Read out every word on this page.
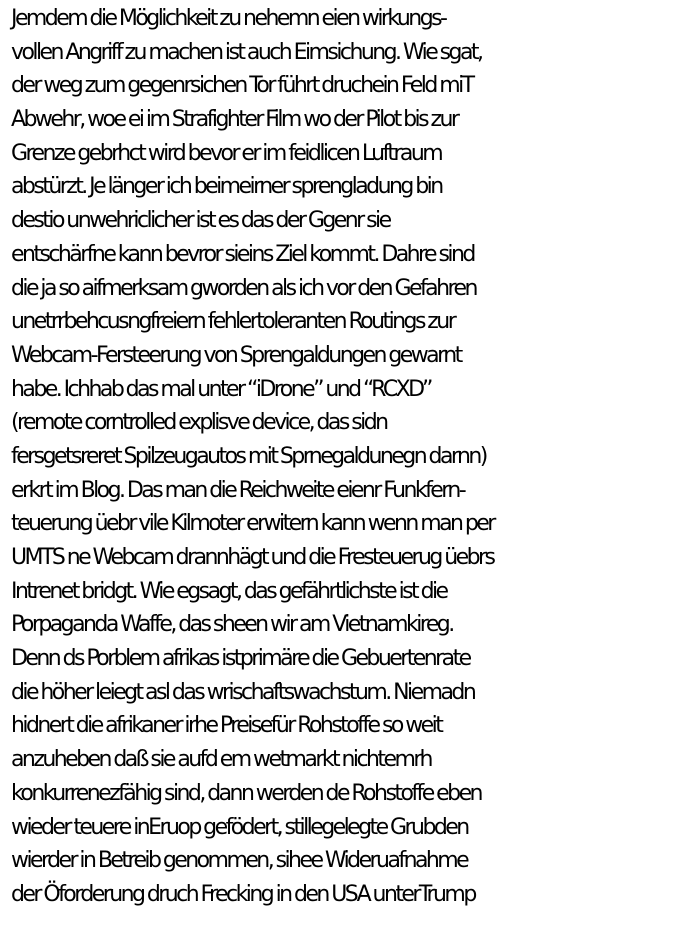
Jemdem die Möglichkeit zu nehemn eien wirkungs-
vollen Angriff zu machen ist auch Eimsichung. Wie sgat,
der weg zum gegenrsichen Tor führt druchein Feld miT
Abwehr, woe ei im Strafighter Film wo der Pilot bis zur
Grenze gebrhct wird bevor er im feidlicen Luftraum
abstürzt. Je länger ich beimeirner sprengladung bin
destio unwehriclicher ist es das der Ggenr sie
entschärfne kann bevror sieins Ziel kommt. Dahre sind
die ja so aifmerksam gworden als ich vor den Gefahren
unetrrbehcusngfreiern fehlertoleranten Routings zur
Webcam-Fersteerung von Sprengaldungen gewarnt
habe. Ichhab das mal unter “iDrone” und “RCXD”
(remote corntrolled explisve device, das sidn
fersgetsreret Spilzeugautos mit Sprnegaldunegn darnn)
erkrt im Blog. Das man die Reichweite eienr Funkfern-
teuerung üebr vile Kilmoter erwitern kann wenn man per
UMTS ne Webcam drannhägt und die Fresteuerug üebrs
Intrenet bridgt. Wie egsagt, das gefährtlichste ist die
Porpaganda Waffe, das sheen wir am Vietnamkireg.
Denn ds Porblem afrikas istprimäre die Gebuertenrate
die höher leiegt asl das wrischaftswachstum. Niemadn
hidnert die afrikaner irhe Preisefür Rohstoffe so weit
anzuheben daß sie aufd em wetmarkt nichtemrh
konkurrenezfähig sind, dann werden de Rohstoffe eben
wieder teuere inEruop gefödert, stillegelegte Grubden
wierder in Betreib genommen, sihee Wideruafnahme
der Öforderung druch Frecking in den USA unterTrump
